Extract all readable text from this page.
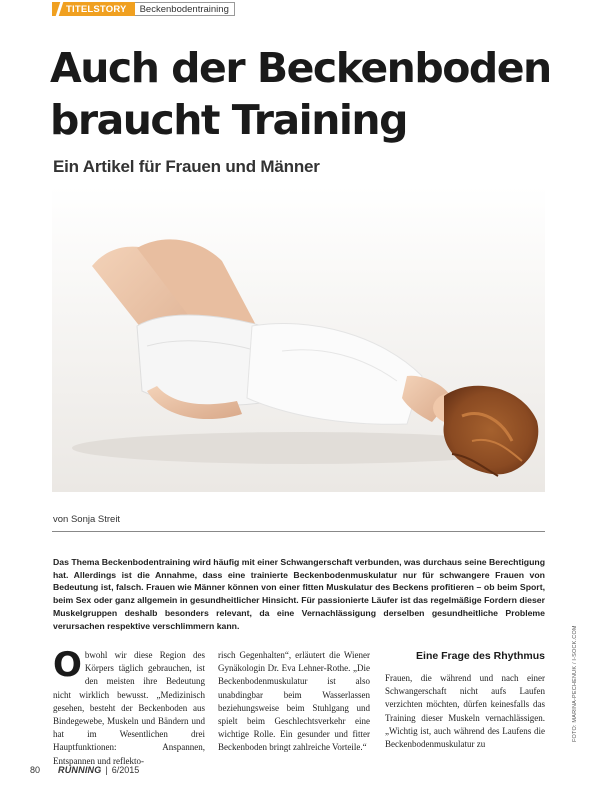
TITELSTORY	Beckenbodentraining
Auch der Beckenboden
braucht Training
Ein Artikel für Frauen und Männer
von Sonja Streit

Das Thema Beckenbodentraining wird häufig mit einer Schwangerschaft verbunden, was durchaus seine Berechtigung hat. Allerdings ist die Annahme, dass eine trainierte Beckenbodenmuskulatur nur für schwangere Frauen von Bedeutung ist, falsch. Frauen wie Männer können von einer fitten Muskulatur des Beckens profitieren – ob beim Sport, beim Sex oder ganz allgemein in gesundheitlicher Hinsicht. Für passionierte Läufer ist das regelmäßige Fordern dieser Muskelgruppen deshalb besonders relevant, da eine Vernachlässigung derselben gesundheitliche Probleme verursachen respektive verschlimmern kann.

Obwohl wir diese Region des Körpers täglich gebrauchen, ist den meisten ihre Bedeutung nicht wirklich bewusst. „Medizinisch gesehen, besteht der Beckenboden aus Bindegewebe, Muskeln und Bändern und hat im Wesentlichen drei Hauptfunktionen: Anspannen, Entspannen und reflekto-
risch Gegenhalten“, erläutert die Wiener Gynäkologin Dr. Eva Lehner-Rothe. „Die Beckenbodenmuskulatur ist also unabdingbar beim Wasserlassen beziehungsweise beim Stuhlgang und spielt beim Geschlechtsverkehr eine wichtige Rolle. Ein gesunder und fitter Beckenboden bringt zahlreiche Vorteile.“
Eine Frage des Rhythmus
Frauen, die während und nach einer Schwangerschaft nicht aufs Laufen verzichten möchten, dürfen keinesfalls das Training dieser Muskeln vernachlässigen. „Wichtig ist, auch während des Laufens die Beckenbodenmuskulatur zu
FOTO: MARINA-PECHENUK / I-SOCK.COM
80 RUNNING | 6/2015
